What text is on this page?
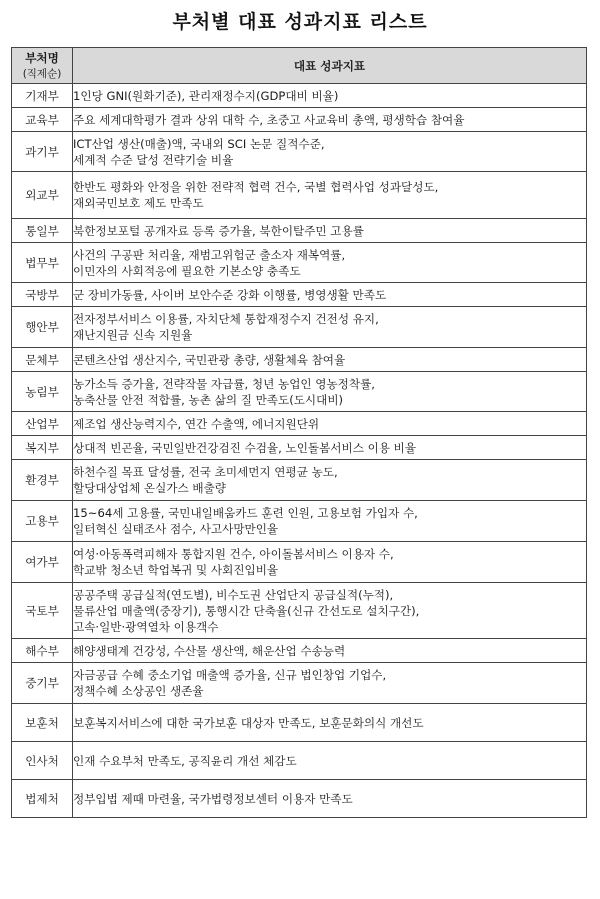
부처별 대표 성과지표 리스트
부처명
(직제순)	대표 성과지표
기재부	1인당 GNI(원화기준), 관리재정수지(GDP대비 비율)

교육부	주요 세계대학평가 결과 상위 대학 수, 초중고 사교육비 총액, 평생학습 참여율

과기부	ICT산업 생산(매출)액, 국내외 SCI 논문 질적수준,
세계적 수준 달성 전략기술 비율

외교부	한반도 평화와 안정을 위한 전략적 협력 건수, 국별 협력사업 성과달성도,
재외국민보호 제도 만족도

통일부	북한정보포털 공개자료 등록 증가율, 북한이탈주민 고용률

법무부	사건의 구공판 처리율, 재범고위험군 출소자 재복역률,
이민자의 사회적응에 필요한 기본소양 충족도

국방부	군 장비가동률, 사이버 보안수준 강화 이행률, 병영생활 만족도

행안부	전자정부서비스 이용률, 자치단체 통합재정수지 건전성 유지,
재난지원금 신속 지원율

문체부	콘텐츠산업 생산지수, 국민관광 총량, 생활체육 참여율

농림부	농가소득 증가율, 전략작물 자급률, 청년 농업인 영농정착률,
농축산물 안전 적합률, 농촌 삶의 질 만족도(도시대비)

산업부	제조업 생산능력지수, 연간 수출액, 에너지원단위

복지부	상대적 빈곤율, 국민일반건강검진 수검율, 노인돌봄서비스 이용 비율

환경부	하천수질 목표 달성률, 전국 초미세먼지 연평균 농도,
할당대상업체 온실가스 배출량

고용부	15~64세 고용률, 국민내일배움카드 훈련 인원, 고용보험 가입자 수,
일터혁신 실태조사 점수, 사고사망만인율

여가부	여성·아동폭력피해자 통합지원 건수, 아이돌봄서비스 이용자 수,
학교밖 청소년 학업복귀 및 사회진입비율

국토부	공공주택 공급실적(연도별), 비수도권 산업단지 공급실적(누적),
물류산업 매출액(중장기), 통행시간 단축율(신규 간선도로 설치구간),
고속·일반·광역열차 이용객수

해수부	해양생태계 건강성, 수산물 생산액, 해운산업 수송능력

중기부	자금공급 수혜 중소기업 매출액 증가율, 신규 법인창업 기업수,
정책수혜 소상공인 생존율

보훈처	보훈복지서비스에 대한 국가보훈 대상자 만족도, 보훈문화의식 개선도

인사처	인재 수요부처 만족도, 공직윤리 개선 체감도

법제처	정부입법 제때 마련율, 국가법령정보센터 이용자 만족도
